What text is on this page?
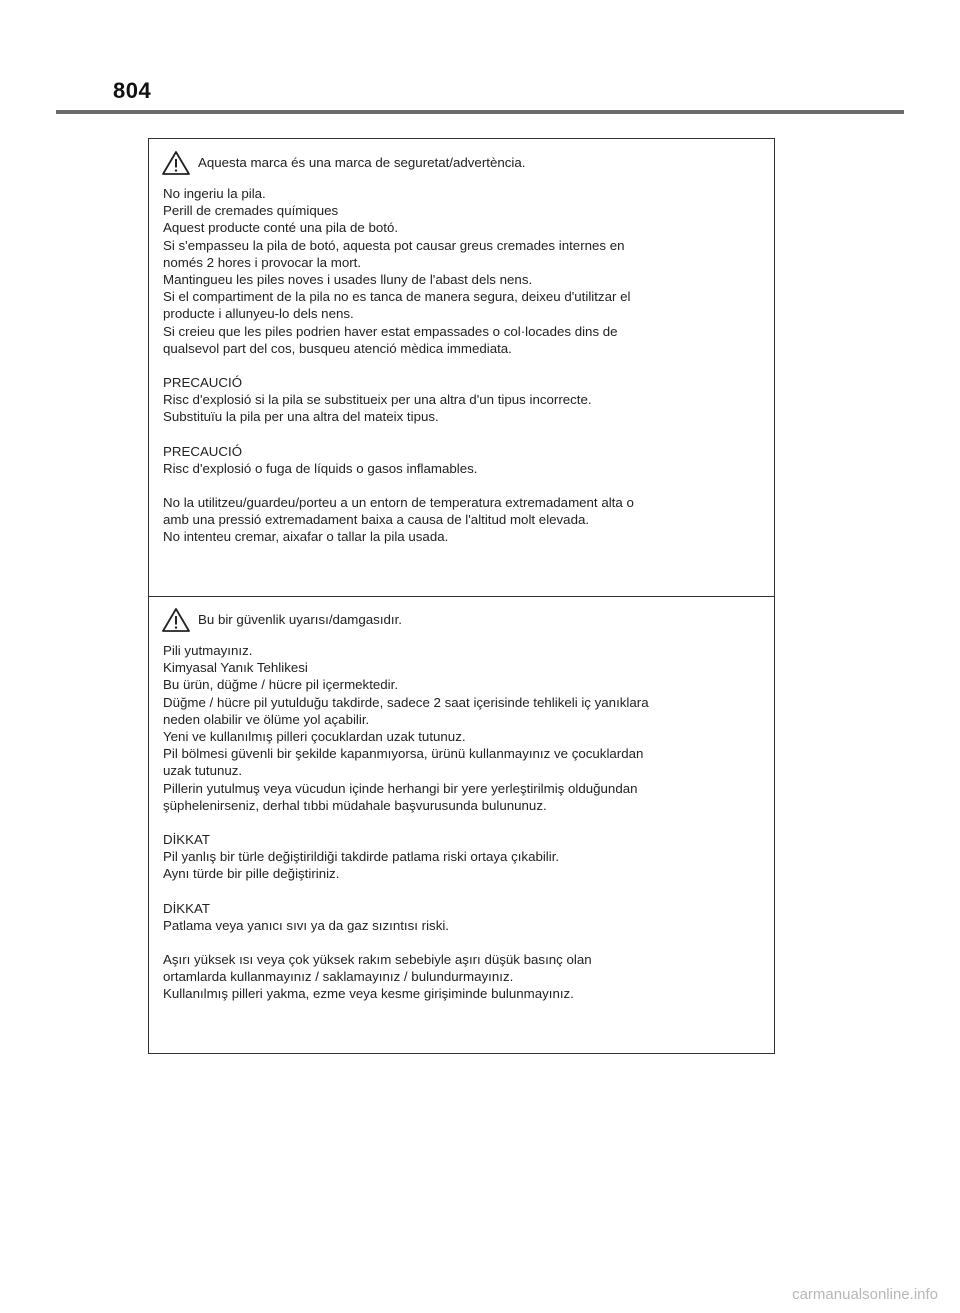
804
Aquesta marca és una marca de seguretat/advertència.
No ingeriu la pila.
Perill de cremades químiques
Aquest producte conté una pila de botó.
Si s'empasseu la pila de botó, aquesta pot causar greus cremades internes en
només 2 hores i provocar la mort.
Mantingueu les piles noves i usades lluny de l'abast dels nens.
Si el compartiment de la pila no es tanca de manera segura, deixeu d'utilitzar el
producte i allunyeu-lo dels nens.
Si creieu que les piles podrien haver estat empassades o col·locades dins de
qualsevol part del cos, busqueu atenció mèdica immediata.
PRECAUCIÓ
Risc d'explosió si la pila se substitueix per una altra d'un tipus incorrecte.
Substituïu la pila per una altra del mateix tipus.
PRECAUCIÓ
Risc d'explosió o fuga de líquids o gasos inflamables.
No la utilitzeu/guardeu/porteu a un entorn de temperatura extremadament alta o
amb una pressió extremadament baixa a causa de l'altitud molt elevada.
No intenteu cremar, aixafar o tallar la pila usada.
Bu bir güvenlik uyarısı/damgasıdır.
Pili yutmayınız.
Kimyasal Yanık Tehlikesi
Bu ürün, düğme / hücre pil içermektedir.
Düğme / hücre pil yutulduğu takdirde, sadece 2 saat içerisinde tehlikeli iç yanıklara
neden olabilir ve ölüme yol açabilir.
Yeni ve kullanılmış pilleri çocuklardan uzak tutunuz.
Pil bölmesi güvenli bir şekilde kapanmıyorsa, ürünü kullanmayınız ve çocuklardan
uzak tutunuz.
Pillerin yutulmuş veya vücudun içinde herhangi bir yere yerleştirilmiş olduğundan
şüphelenirseniz, derhal tıbbi müdahale başvurusunda bulununuz.
DİKKAT
Pil yanlış bir türle değiştirildiği takdirde patlama riski ortaya çıkabilir.
Aynı türde bir pille değiştiriniz.
DİKKAT
Patlama veya yanıcı sıvı ya da gaz sızıntısı riski.
Aşırı yüksek ısı veya çok yüksek rakım sebebiyle aşırı düşük basınç olan
ortamlarda kullanmayınız / saklamayınız / bulundurmayınız.
Kullanılmış pilleri yakma, ezme veya kesme girişiminde bulunmayınız.
carmanualsonline.info
